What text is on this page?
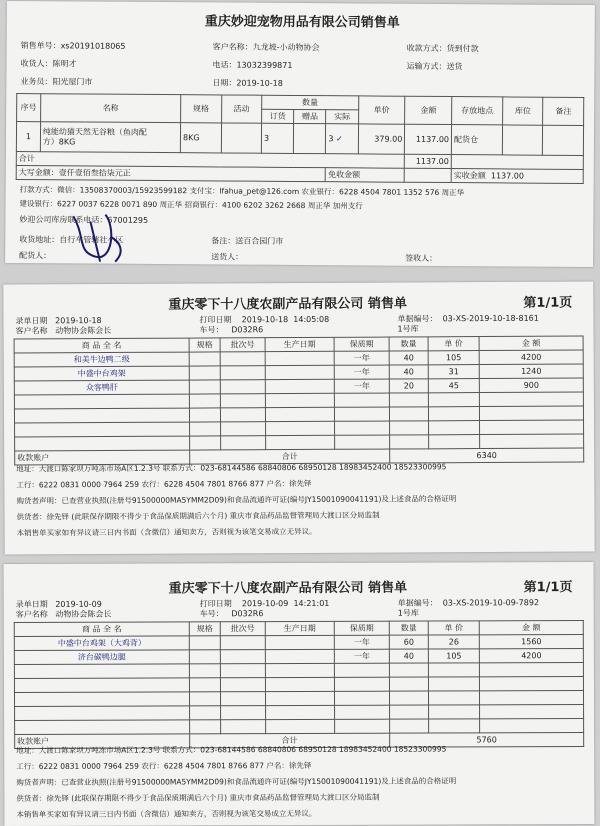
重庆妙迎宠物用品有限公司销售单
销售单号：xs20191018065	客户名称：九龙坡-小动物协会	收款方式：货到付款
收货人：陈明才	电话：13032399871	运输方式：送货
业务员：阳光屋门市	日期：2019-10-18
序号	名称	规格	活动	数量			单价	金额	存放地点	库位	备注
				订货	赠品	实际					
1	纯能幼猫天然无谷粮（鱼肉配
方）8KG	8KG		3		3 ✓	379.00	1137.00	配货仓		
合计								1137.00			
大写金额：壹仟壹佰叁拾柒元正						免收金额			实收金额 1137.00		
打款方式：微信：13508370003/15923599182 支付宝：lfahua_pet@126.com 农业银行：6228 4504 7801 1352 576 周正华
建设银行：6227 0037 6228 0071 890 周正华 招商银行：4100 6202 3262 2668 周正华 加州支行
妙迎公司库房联系电话：67001295
收货地址：自行车管辖社小区	备注：送百合园门市
配货人：	送货人：	签收人：
重庆零下十八度农副产品有限公司 销售单	第1/1页
录单日期 2019-10-18	打印日期 2019-10-18 14:05:08	单据编号： 03-XS-2019-10-18-8161
客户名称 动物协会陈会长	车号： D032R6	1号库
商 品 全 名	规格	批次号	生产日期	保质期	数量	单 价	金 额
和美牛边鸭二级				一年	40	105	4200
中盛中台鸡架				一年	40	31	1240
众客鸭肝				一年	20	45	900

收款账户	合计				6340		
地址：大渡口陈家坝万吨冻市场A区1.2.3号 联系方式：023-68144586 68840806 68950128 18983452400 18523300995
工行：6222 0831 0000 7964 259 农行：6228 4504 7801 8766 877 户名：徐先铎
购货者声明：已查营业执照(注册号91500000MA5YMM2D09)和食品流通许可证(编号JY15001090041191)及上述食品的合格证明
供货者：徐先铎 (此联保存期限不得少于食品保质期满后六个月) 重庆市食品药品监督管理局大渡口区分局监制
本销售单买家如有异议请三日内书面（含微信）通知卖方，否则视为该笔交易成立无异议。
重庆零下十八度农副产品有限公司 销售单	第1/1页
录单日期 2019-10-09	打印日期 2019-10-09 14:21:01	单据编号： 03-XS-2019-10-09-7892
客户名称 动物协会陈会长	车号： D032R6	1号库
商 品 全 名	规格	批次号	生产日期	保质期	数量	单 价	金 额
中盛中台鸡架（大鸡背）				一年	60	26	1560
济台碳鸭边腿				一年	40	105	4200

收款账户	合计				5760		
地址：大渡口陈家坝万吨冻市场A区1.2.3号 联系方式：023-68144586 68840806 68950128 18983452400 18523300995
工行：6222 0831 0000 7964 259 农行：6228 4504 7801 8766 877 户名：徐先铎
购货者声明：已查营业执照(注册号91500000MA5YMM2D09)和食品流通许可证(编号JY15001090041191)及上述食品的合格证明
供货者：徐先铎 (此联保存期限不得少于食品保质期满后六个月) 重庆市食品药品监督管理局大渡口区分局监制
本销售单买家如有异议请三日内书面（含微信）通知卖方，否则视为该笔交易成立无异议。
